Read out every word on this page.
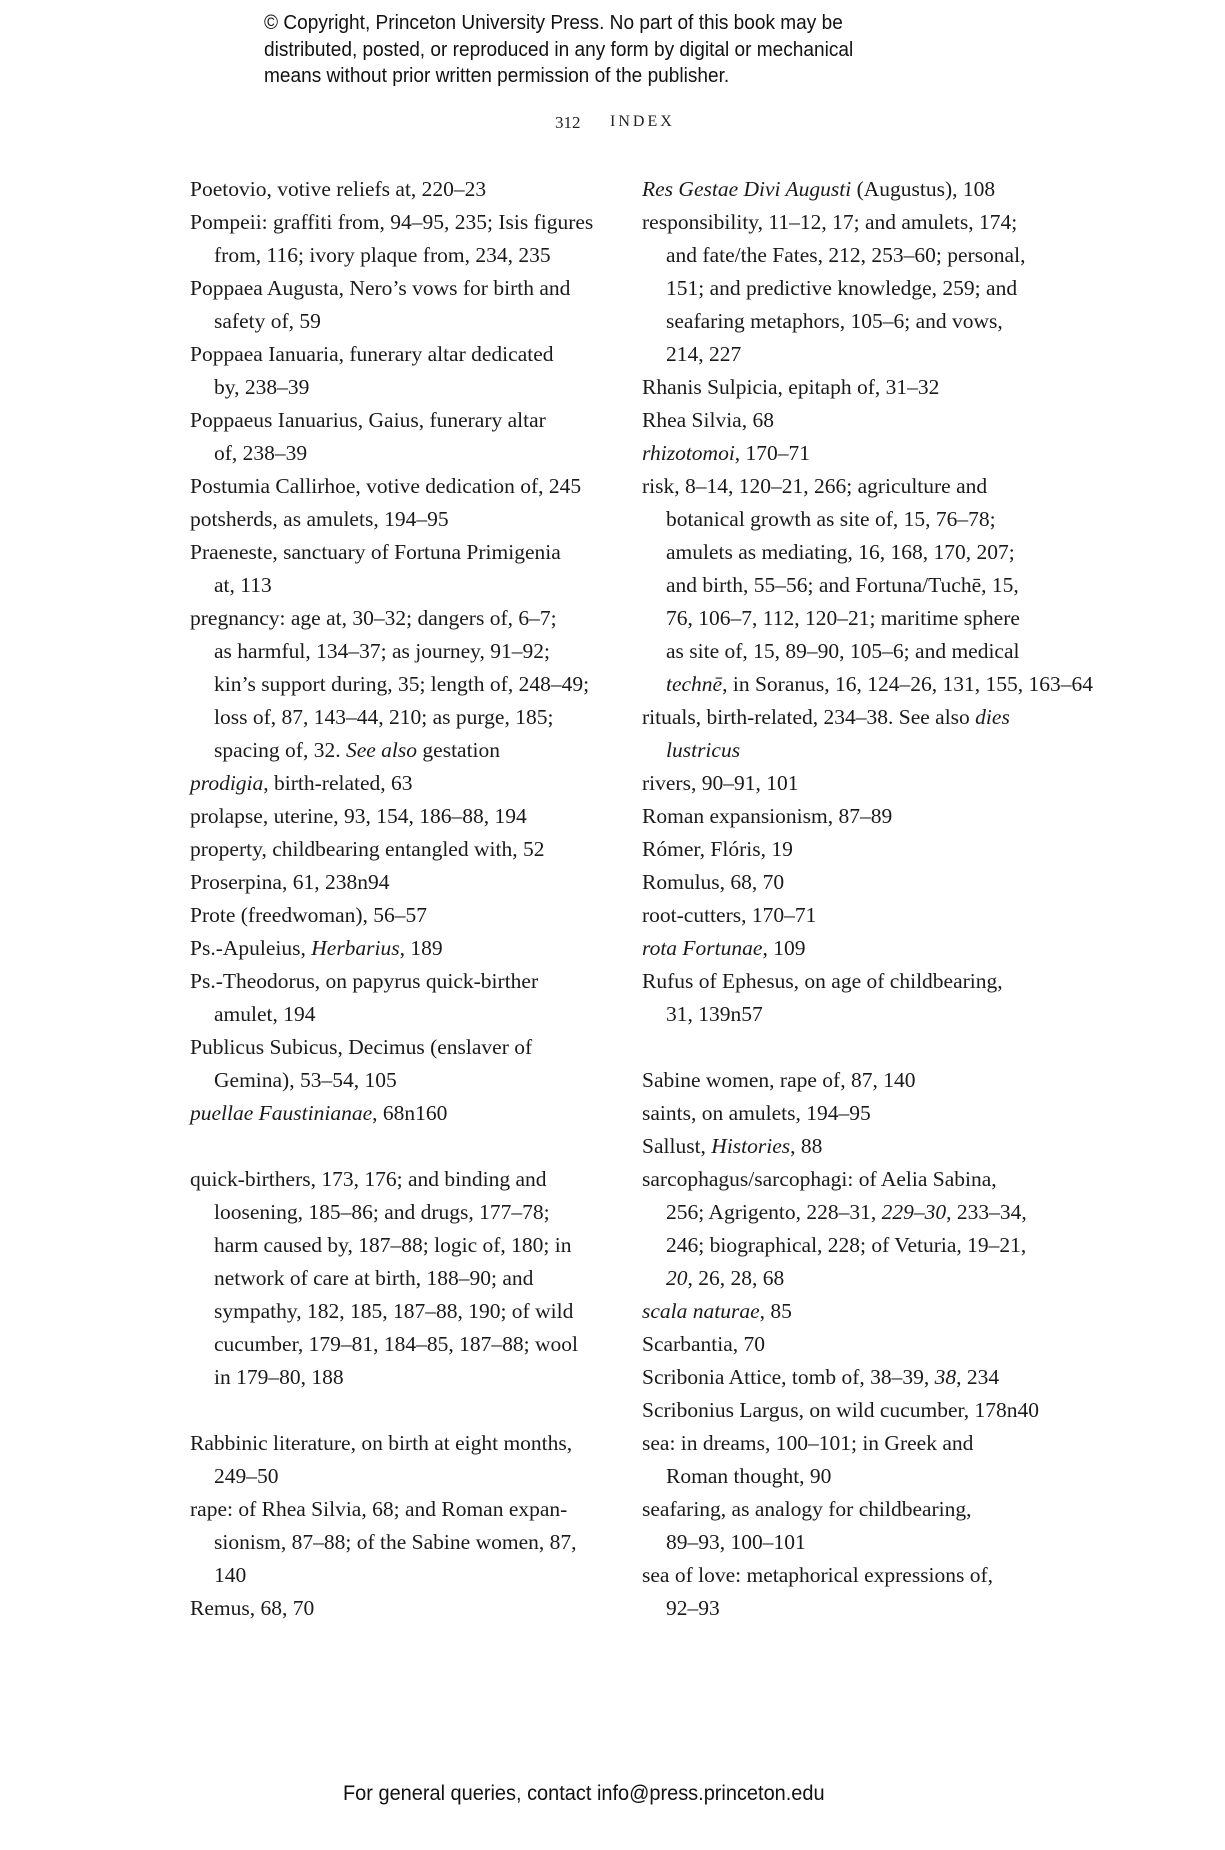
© Copyright, Princeton University Press. No part of this book may be
distributed, posted, or reproduced in any form by digital or mechanical
means without prior written permission of the publisher.
312 INDEX
Poetovio, votive reliefs at, 220–23
Pompeii: graffiti from, 94–95, 235; Isis figures
from, 116; ivory plaque from, 234, 235
Poppaea Augusta, Nero’s vows for birth and
safety of, 59
Poppaea Ianuaria, funerary altar dedicated
by, 238–39
Poppaeus Ianuarius, Gaius, funerary altar
of, 238–39
Postumia Callirhoe, votive dedication of, 245
potsherds, as amulets, 194–95
Praeneste, sanctuary of Fortuna Primigenia
at, 113
pregnancy: age at, 30–32; dangers of, 6–7;
as harmful, 134–37; as journey, 91–92;
kin’s support during, 35; length of, 248–49;
loss of, 87, 143–44, 210; as purge, 185;
spacing of, 32. See also gestation
prodigia, birth-related, 63
prolapse, uterine, 93, 154, 186–88, 194
property, childbearing entangled with, 52
Proserpina, 61, 238n94
Prote (freedwoman), 56–57
Ps.-Apuleius, Herbarius, 189
Ps.-Theodorus, on papyrus quick-birther
amulet, 194
Publicus Subicus, Decimus (enslaver of
Gemina), 53–54, 105
puellae Faustinianae, 68n160
quick-birthers, 173, 176; and binding and
loosening, 185–86; and drugs, 177–78;
harm caused by, 187–88; logic of, 180; in
network of care at birth, 188–90; and
sympathy, 182, 185, 187–88, 190; of wild
cucumber, 179–81, 184–85, 187–88; wool
in 179–80, 188
Rabbinic literature, on birth at eight months,
249–50
rape: of Rhea Silvia, 68; and Roman expan-
sionism, 87–88; of the Sabine women, 87,
140
Remus, 68, 70
Res Gestae Divi Augusti (Augustus), 108
responsibility, 11–12, 17; and amulets, 174;
and fate/the Fates, 212, 253–60; personal,
151; and predictive knowledge, 259; and
seafaring metaphors, 105–6; and vows,
214, 227
Rhanis Sulpicia, epitaph of, 31–32
Rhea Silvia, 68
rhizotomoi, 170–71
risk, 8–14, 120–21, 266; agriculture and
botanical growth as site of, 15, 76–78;
amulets as mediating, 16, 168, 170, 207;
and birth, 55–56; and Fortuna/Tuchē, 15,
76, 106–7, 112, 120–21; maritime sphere
as site of, 15, 89–90, 105–6; and medical
technē, in Soranus, 16, 124–26, 131, 155, 163–64
rituals, birth-related, 234–38. See also dies
lustricus
rivers, 90–91, 101
Roman expansionism, 87–89
Rómer, Flóris, 19
Romulus, 68, 70
root-cutters, 170–71
rota Fortunae, 109
Rufus of Ephesus, on age of childbearing,
31, 139n57
Sabine women, rape of, 87, 140
saints, on amulets, 194–95
Sallust, Histories, 88
sarcophagus/sarcophagi: of Aelia Sabina,
256; Agrigento, 228–31, 229–30, 233–34,
246; biographical, 228; of Veturia, 19–21,
20, 26, 28, 68
scala naturae, 85
Scarbantia, 70
Scribonia Attice, tomb of, 38–39, 38, 234
Scribonius Largus, on wild cucumber, 178n40
sea: in dreams, 100–101; in Greek and
Roman thought, 90
seafaring, as analogy for childbearing,
89–93, 100–101
sea of love: metaphorical expressions of,
92–93
For general queries, contact info@press.princeton.edu
